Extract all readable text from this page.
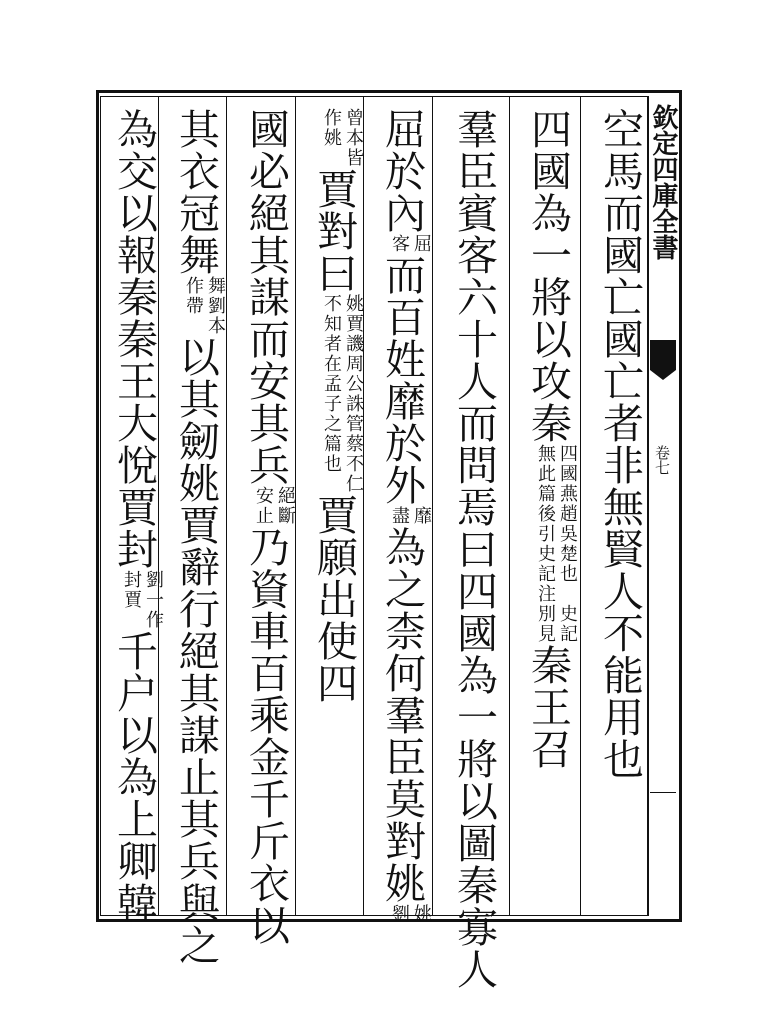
欽定四庫全書
卷七
空馬而國亡國亡者非無賢人不能用也
四國為一將以攻秦
四國燕趙吳楚也　史記
無此篇後引史記注別見
秦王召
羣臣賓客六十人而問焉曰四國為一將以圖秦寡人
屈於內
屈
客
而百姓靡於外
靡
盡
為之柰何羣臣莫對姚
姚
劉
曾本皆
作姚
賈對曰
姚賈譏周公誅管蔡不仁
不知者在孟子之篇也
賈願出使四
國必絕其謀而安其兵
絕斷
安止
乃資車百乘金千斤衣以
其衣冠舞
舞劉本
作帶
以其劒姚賈辭行絕其謀止其兵與之
為交以報秦秦王大悅賈封
劉一作
封賈
千户以為上卿韓
